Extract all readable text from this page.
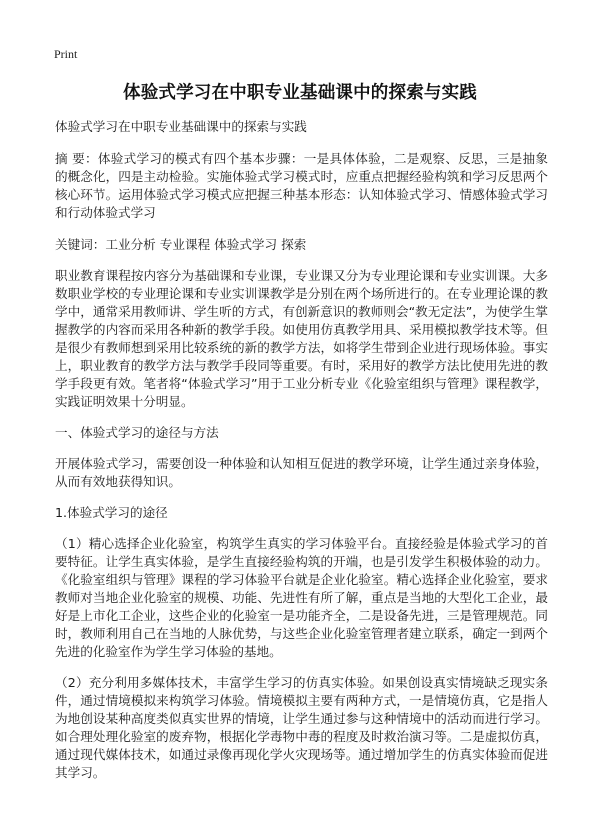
Print
体验式学习在中职专业基础课中的探索与实践

体验式学习在中职专业基础课中的探索与实践

摘 要：体验式学习的模式有四个基本步骤：一是具体体验，二是观察、反思，三是抽象的概念化，四是主动检验。实施体验式学习模式时，应重点把握经验构筑和学习反思两个核心环节。运用体验式学习模式应把握三种基本形态：认知体验式学习、情感体验式学习和行动体验式学习

关键词：工业分析 专业课程 体验式学习 探索

职业教育课程按内容分为基础课和专业课，专业课又分为专业理论课和专业实训课。大多数职业学校的专业理论课和专业实训课教学是分别在两个场所进行的。在专业理论课的教学中，通常采用教师讲、学生听的方式，有创新意识的教师则会“教无定法”，为使学生掌握教学的内容而采用各种新的教学手段。如使用仿真教学用具、采用模拟教学技术等。但是很少有教师想到采用比较系统的新的教学方法，如将学生带到企业进行现场体验。事实上，职业教育的教学方法与教学手段同等重要。有时，采用好的教学方法比使用先进的教学手段更有效。笔者将“体验式学习”用于工业分析专业《化验室组织与管理》课程教学，实践证明效果十分明显。

一、体验式学习的途径与方法

开展体验式学习，需要创设一种体验和认知相互促进的教学环境，让学生通过亲身体验，从而有效地获得知识。

1.体验式学习的途径

（1）精心选择企业化验室，构筑学生真实的学习体验平台。直接经验是体验式学习的首要特征。让学生真实体验，是学生直接经验构筑的开端，也是引发学生积极体验的动力。《化验室组织与管理》课程的学习体验平台就是企业化验室。精心选择企业化验室，要求教师对当地企业化验室的规模、功能、先进性有所了解，重点是当地的大型化工企业，最好是上市化工企业，这些企业的化验室一是功能齐全，二是设备先进，三是管理规范。同时，教师利用自己在当地的人脉优势，与这些企业化验室管理者建立联系，确定一到两个先进的化验室作为学生学习体验的基地。

（2）充分利用多媒体技术，丰富学生学习的仿真实体验。如果创设真实情境缺乏现实条件，通过情境模拟来构筑学习体验。情境模拟主要有两种方式，一是情境仿真，它是指人为地创设某种高度类似真实世界的情境，让学生通过参与这种情境中的活动而进行学习。如合理处理化验室的废弃物，根据化学毒物中毒的程度及时救治演习等。二是虚拟仿真，通过现代媒体技术，如通过录像再现化学火灾现场等。通过增加学生的仿真实体验而促进其学习。
